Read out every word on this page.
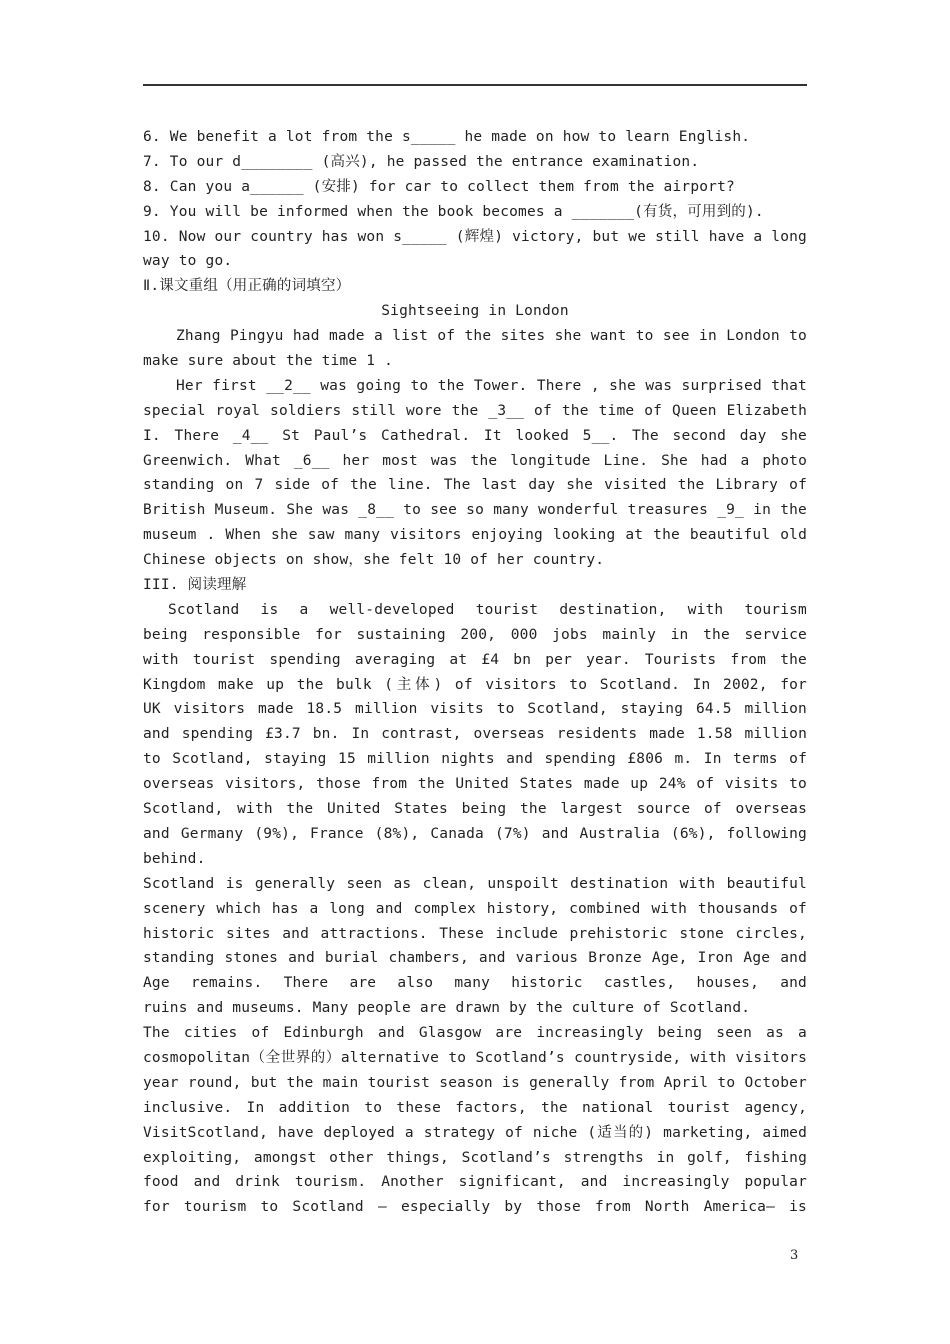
6. We benefit a lot from the s_____ he made on how to learn English.
7. To our d________ (高兴), he passed the entrance examination.
8. Can you a______ (安排) for car to collect them from the airport?
9. You will be informed when the book becomes a _______(有货，可用到的).
10. Now our country has won s_____ (辉煌) victory, but we still have a long
way to go.
Ⅱ.课文重组（用正确的词填空）
Sightseeing in London
Zhang Pingyu had made a list of the sites she want to see in London to
make sure about the time 1 .
Her first __2__ was going to the Tower. There , she was surprised that
special royal soldiers still wore the _3__ of the time of Queen Elizabeth
I. There _4__ St Paul’s Cathedral. It looked 5__. The second day she
Greenwich. What _6__ her most was the longitude Line. She had a photo
standing on 7 side of the line. The last day she visited the Library of
British Museum. She was _8__ to see so many wonderful treasures _9_ in the
museum . When she saw many visitors enjoying looking at the beautiful old
Chinese objects on show，she felt 10 of her country.
III. 阅读理解
Scotland is a well-developed tourist destination, with tourism
being responsible for sustaining 200, 000 jobs mainly in the service
with tourist spending averaging at £4 bn per year. Tourists from the
Kingdom make up the bulk (主体) of visitors to Scotland. In 2002, for
UK visitors made 18.5 million visits to Scotland, staying 64.5 million
and spending £3.7 bn. In contrast, overseas residents made 1.58 million
to Scotland, staying 15 million nights and spending £806 m. In terms of
overseas visitors, those from the United States made up 24% of visits to
Scotland, with the United States being the largest source of overseas
and Germany (9%), France (8%), Canada (7%) and Australia (6%), following
behind.
Scotland is generally seen as clean, unspoilt destination with beautiful
scenery which has a long and complex history, combined with thousands of
historic sites and attractions. These include prehistoric stone circles,
standing stones and burial chambers, and various Bronze Age, Iron Age and
Age remains. There are also many historic castles, houses, and
ruins and museums. Many people are drawn by the culture of Scotland.
The cities of Edinburgh and Glasgow are increasingly being seen as a
cosmopolitan（全世界的）alternative to Scotland’s countryside, with visitors
year round, but the main tourist season is generally from April to October
inclusive. In addition to these factors, the national tourist agency,
VisitScotland, have deployed a strategy of niche (适当的) marketing, aimed
exploiting, amongst other things, Scotland’s strengths in golf, fishing
food and drink tourism. Another significant, and increasingly popular
for tourism to Scotland — especially by those from North America— is
3
